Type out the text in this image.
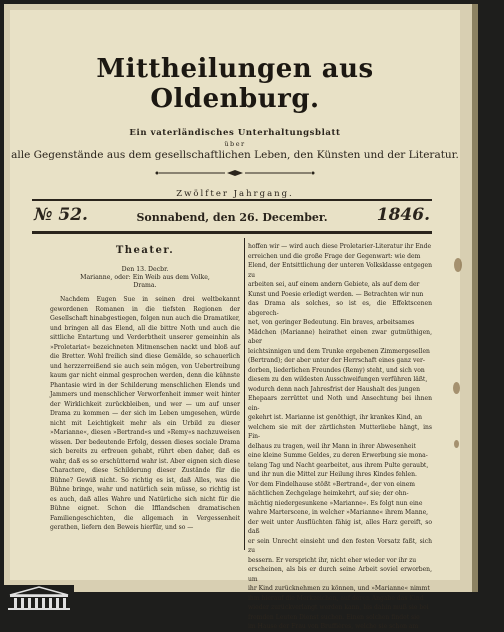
Mittheilungen aus Oldenburg.
Ein vaterländisches Unterhaltungsblatt
über
alle Gegenstände aus dem gesellschaftlichen Leben, den Künsten und der Literatur.
Zwölfter Jahrgang.
№ 52.	Sonnabend, den 26. December.	1846.
Theater.
Den 13. Decbr.
Marianne, oder: Ein Weib aus dem Volke,
Drama.

Nachdem Eugen Sue in seinen drei weltbekannt gewordenen Romanen in die tiefsten Regionen der Gesellschaft hinabgestiegen, folgen nun auch die Dramatiker, und bringen all das Elend, all die bittre Noth und auch die sittliche Entartung und Verderbtheit unserer gemeinhin als »Proletariat« bezeichneten Mitmenschen nackt und bloß auf die Bretter. Wohl freilich sind diese Gemälde, so schauerlich und herzzerreißend sie auch sein mögen, von Uebertreibung kaum gar nicht einmal gesprochen werden, denn die kühnste Phantasie wird in der Schilderung menschlichen Elends und Jammers und menschlicher Verworfenheit immer weit hinter der Wirklichkeit zurückbleiben, und wer — um auf unser Drama zu kommen — der sich im Leben umgesehen, würde nicht mit Leichtigkeit mehr als ein Urbild zu dieser »Marianne«, diesen »Bertrand«s und »Remy«s nachzuweisen wissen. Der bedeutende Erfolg, dessen dieses sociale Drama sich bereits zu erfreuen gehabt, rührt eben daher, daß es wahr, daß es so erschütternd wahr ist. Aber eignen sich diese Charactere, diese Schilderung dieser Zustände für die Bühne? Gewiß nicht. So richtig es ist, daß Alles, was die Bühne bringe, wahr und natürlich sein müsse, so richtig ist es auch, daß alles Wahre und Natürliche sich nicht für die Bühne eignet. Schon die Ifflandschen dramatischen Familiengeschichten, die allgemach in Vergessenheit gerathen, liefern den Beweis hierfür, und so —

hoffen wir — wird auch diese Proletarier-Literatur ihr Ende
erreichen und die große Frage der Gegenwart: wie dem
Elend, der Entsittlichung der unteren Volksklasse entgegen zu
arbeiten sei, auf einem andern Gebiete, als auf dem der
Kunst und Poesie erledigt werden. — Betrachten wir nun
das Drama als solches, so ist es, die Effektscenen abgerech-
net, von geringer Bedeutung. Ein braves, arbeitsames
Mädchen (Marianne) heirathet einen zwar gutmüthigen, aber
leichtsinnigen und dem Trunke ergebenen Zimmergesellen
(Bertrand); der aber unter der Herrschaft eines ganz ver-
dorben, liederlichen Freundes (Remy) steht, und sich von
diesem zu den wildesten Ausschweifungen verführen läßt,
wodurch denn nach Jahresfrist der Haushalt des jungen
Ehepaars zerrüttet und Noth und Ansechtung bei ihnen ein-
gekehrt ist. Marianne ist genöthigt, ihr krankes Kind, an
welchem sie mit der zärtlichsten Mutterliebe hängt, ins Fin-
delhaus zu tragen, weil ihr Mann in ihrer Abwesenheit
eine kleine Summe Geldes, zu deren Erwerbung sie mona-
telang Tag und Nacht gearbeitet, aus ihrem Pulte geraubt,
und ihr nun die Mittel zur Heilung ihres Kindes fehlen.
Vor dem Findelhause stößt »Bertrand«, der von einem
nächtlichen Zechgelage heimkehrt, auf sie; der ohn-
mächtig niedergesunkene »Marianne«. Es folgt nun eine
wahre Marterscene, in welcher »Marianne« ihrem Manne,
der weit unter Ausflüchten fähig ist, alles Harz gereift, so daß
er sein Unrecht einsieht und den festen Vorsatz faßt, sich zu
bessern. Er verspricht ihr, nicht eher wieder vor ihr zu
erscheinen, als bis er durch seine Arbeit soviel erworben, um
ihr Kind zurücknehmen zu können, und »Marianne« nimmt
ihm hierauf die Merkzeichen, auf deren Angabe das Kind
wieder zurückverlangt werden kann, bis dahin muß sie bei
fremden Leuten Dienst suchen. Einen solchen findet sie
im Hause der Frau von Bruffières, welche sie schon am
